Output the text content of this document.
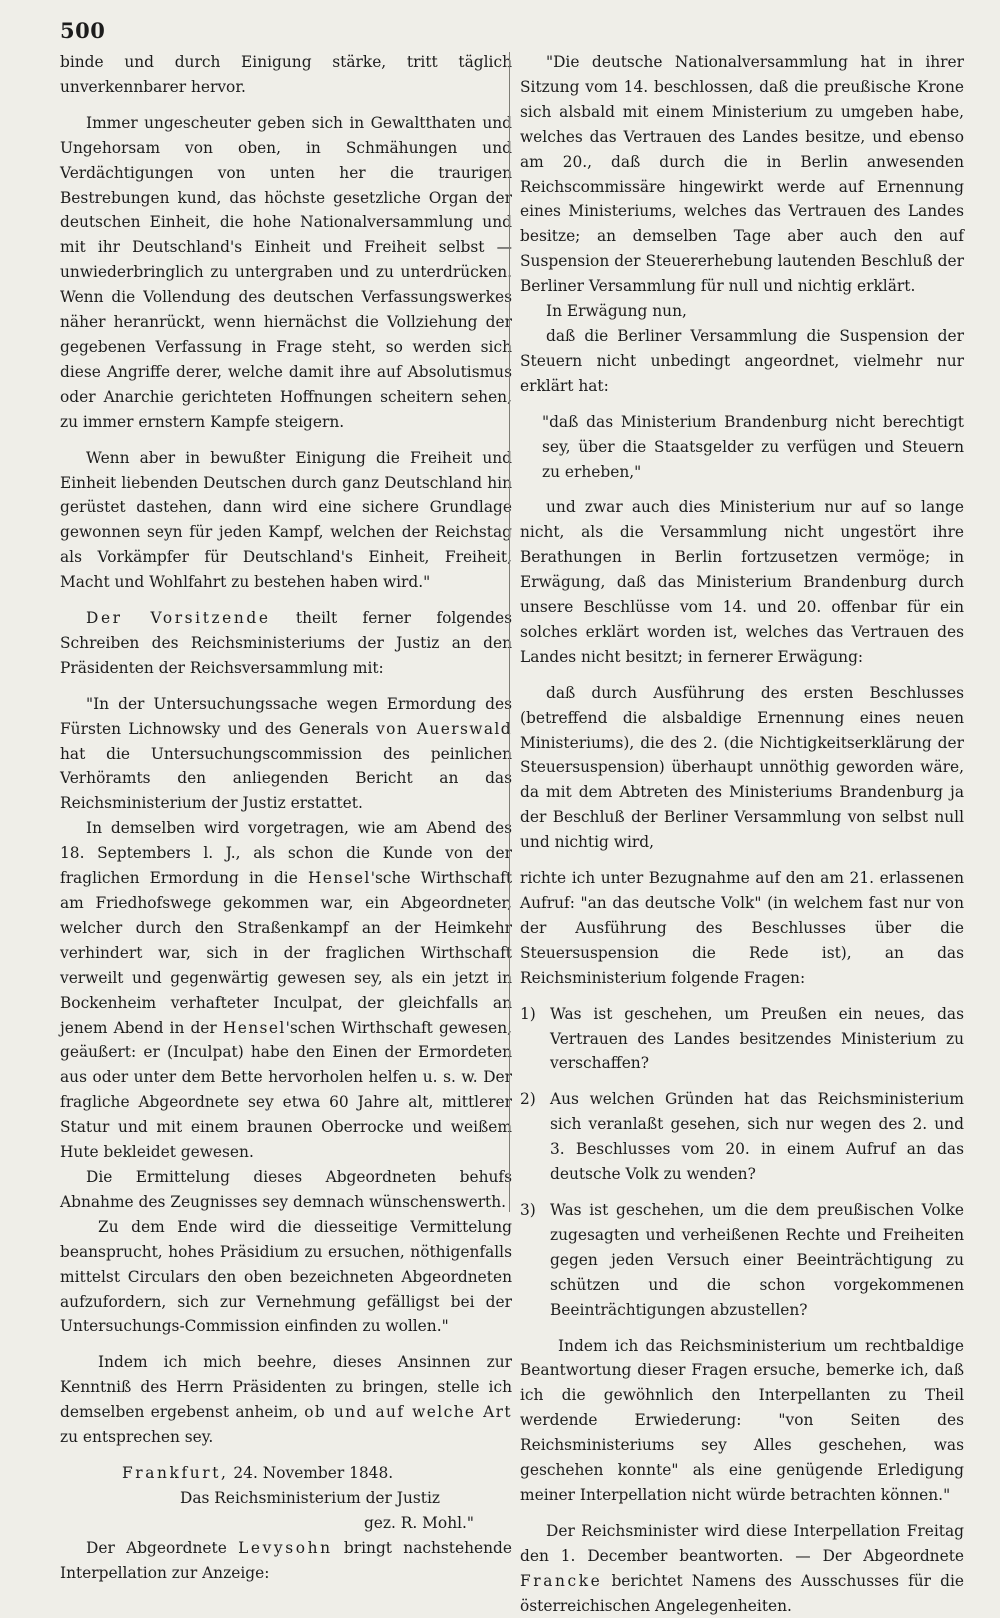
500

binde und durch Einigung stärke, tritt täglich unverkennbarer hervor.

Immer ungescheuter geben sich in Gewaltthaten und Ungehorsam von oben, in Schmähungen und Verdächtigungen von unten her die traurigen Bestrebungen kund, das höchste gesetzliche Organ der deutschen Einheit, die hohe Nationalversammlung und mit ihr Deutschland's Einheit und Freiheit selbst — unwiederbringlich zu untergraben und zu unterdrücken. Wenn die Vollendung des deutschen Verfassungswerkes näher heranrückt, wenn hiernächst die Vollziehung der gegebenen Verfassung in Frage steht, so werden sich diese Angriffe derer, welche damit ihre auf Absolutismus oder Anarchie gerichteten Hoffnungen scheitern sehen, zu immer ernstern Kampfe steigern.

Wenn aber in bewußter Einigung die Freiheit und Einheit liebenden Deutschen durch ganz Deutschland hin gerüstet dastehen, dann wird eine sichere Grundlage gewonnen seyn für jeden Kampf, welchen der Reichstag als Vorkämpfer für Deutschland's Einheit, Freiheit, Macht und Wohlfahrt zu bestehen haben wird."

Der Vorsitzende theilt ferner folgendes Schreiben des Reichsministeriums der Justiz an den Präsidenten der Reichsversammlung mit:

"In der Untersuchungssache wegen Ermordung des Fürsten Lichnowsky und des Generals von Auerswald hat die Untersuchungscommission des peinlichen Verhöramts den anliegenden Bericht an das Reichsministerium der Justiz erstattet.

In demselben wird vorgetragen, wie am Abend des 18. Septembers l. J., als schon die Kunde von der fraglichen Ermordung in die Hensel'sche Wirthschaft am Friedhofswege gekommen war, ein Abgeordneter, welcher durch den Straßenkampf an der Heimkehr verhindert war, sich in der fraglichen Wirthschaft verweilt und gegenwärtig gewesen sey, als ein jetzt in Bockenheim verhafteter Inculpat, der gleichfalls an jenem Abend in der Hensel'schen Wirthschaft gewesen, geäußert: er (Inculpat) habe den Einen der Ermordeten aus oder unter dem Bette hervorholen helfen u. s. w. Der fragliche Abgeordnete sey etwa 60 Jahre alt, mittlerer Statur und mit einem braunen Oberrocke und weißem Hute bekleidet gewesen.

Die Ermittelung dieses Abgeordneten behufs Abnahme des Zeugnisses sey demnach wünschenswerth.

Zu dem Ende wird die diesseitige Vermittelung beansprucht, hohes Präsidium zu ersuchen, nöthigenfalls mittelst Circulars den oben bezeichneten Abgeordneten aufzufordern, sich zur Vernehmung gefälligst bei der Untersuchungs-Commission einfinden zu wollen."

Indem ich mich beehre, dieses Ansinnen zur Kenntniß des Herrn Präsidenten zu bringen, stelle ich demselben ergebenst anheim, ob und auf welche Art zu entsprechen sey.

Frankfurt, 24. November 1848.

Das Reichsministerium der Justiz

gez. R. Mohl."

Der Abgeordnete Levysohn bringt nachstehende Interpellation zur Anzeige:

"Die deutsche Nationalversammlung hat in ihrer Sitzung vom 14. beschlossen, daß die preußische Krone sich alsbald mit einem Ministerium zu umgeben habe, welches das Vertrauen des Landes besitze, und ebenso am 20., daß durch die in Berlin anwesenden Reichscommissäre hingewirkt werde auf Ernennung eines Ministeriums, welches das Vertrauen des Landes besitze; an demselben Tage aber auch den auf Suspension der Steuererhebung lautenden Beschluß der Berliner Versammlung für null und nichtig erklärt.

In Erwägung nun,

daß die Berliner Versammlung die Suspension der Steuern nicht unbedingt angeordnet, vielmehr nur erklärt hat:

"daß das Ministerium Brandenburg nicht berechtigt sey, über die Staatsgelder zu verfügen und Steuern zu erheben,"

und zwar auch dies Ministerium nur auf so lange nicht, als die Versammlung nicht ungestört ihre Berathungen in Berlin fortzusetzen vermöge; in Erwägung, daß das Ministerium Brandenburg durch unsere Beschlüsse vom 14. und 20. offenbar für ein solches erklärt worden ist, welches das Vertrauen des Landes nicht besitzt; in fernerer Erwägung:

daß durch Ausführung des ersten Beschlusses (betreffend die alsbaldige Ernennung eines neuen Ministeriums), die des 2. (die Nichtigkeitserklärung der Steuersuspension) überhaupt unnöthig geworden wäre, da mit dem Abtreten des Ministeriums Brandenburg ja der Beschluß der Berliner Versammlung von selbst null und nichtig wird,

richte ich unter Bezugnahme auf den am 21. erlassenen Aufruf: "an das deutsche Volk" (in welchem fast nur von der Ausführung des Beschlusses über die Steuersuspension die Rede ist), an das Reichsministerium folgende Fragen:

1) Was ist geschehen, um Preußen ein neues, das Vertrauen des Landes besitzendes Ministerium zu verschaffen?
2) Aus welchen Gründen hat das Reichsministerium sich veranlaßt gesehen, sich nur wegen des 2. und 3. Beschlusses vom 20. in einem Aufruf an das deutsche Volk zu wenden?
3) Was ist geschehen, um die dem preußischen Volke zugesagten und verheißenen Rechte und Freiheiten gegen jeden Versuch einer Beeinträchtigung zu schützen und die schon vorgekommenen Beeinträchtigungen abzustellen?

Indem ich das Reichsministerium um rechtbaldige Beantwortung dieser Fragen ersuche, bemerke ich, daß ich die gewöhnlich den Interpellanten zu Theil werdende Erwiederung: "von Seiten des Reichsministeriums sey Alles geschehen, was geschehen konnte" als eine genügende Erledigung meiner Interpellation nicht würde betrachten können."

Der Reichsminister wird diese Interpellation Freitag den 1. December beantworten. — Der Abgeordnete Francke berichtet Namens des Ausschusses für die österreichischen Angelegenheiten.
